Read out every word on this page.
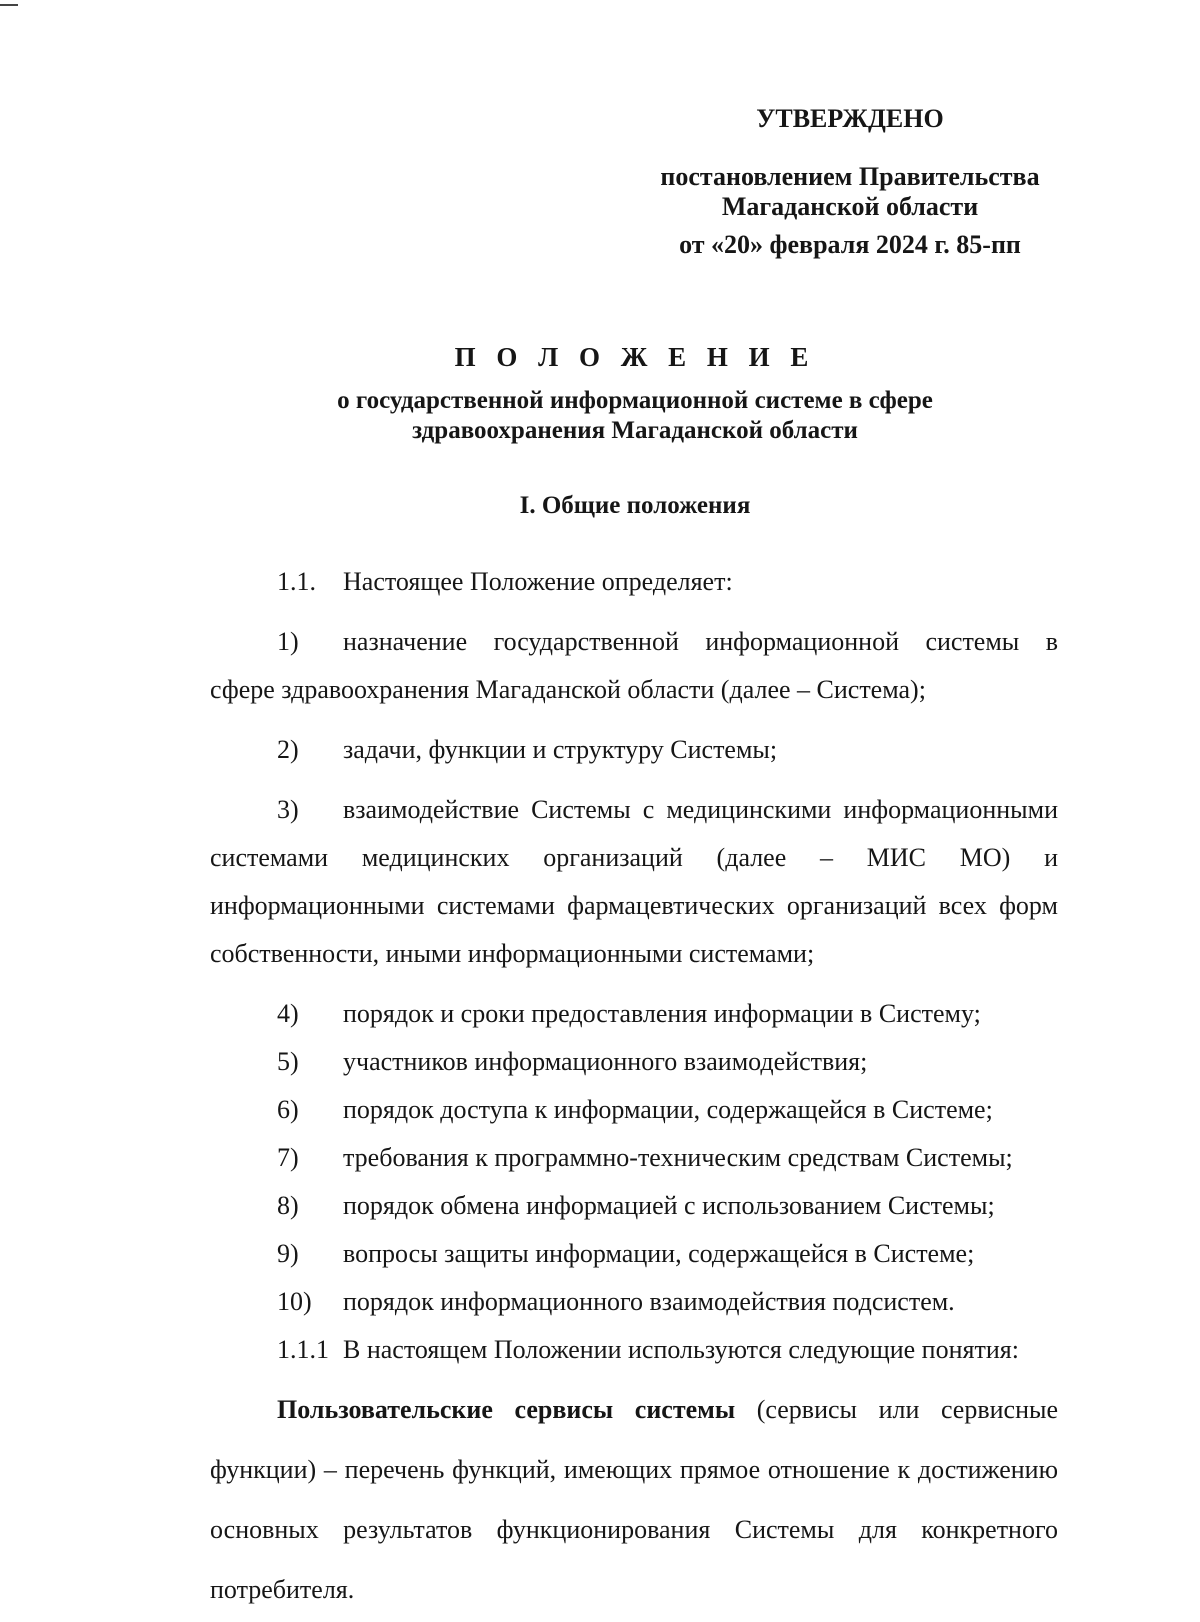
УТВЕРЖДЕНО
постановлением Правительства
Магаданской области
от «20» февраля 2024 г. 85-пп
П О Л О Ж Е Н И Е
о государственной информационной системе в сфере
здравоохранения Магаданской области
I. Общие положения
1.1. Настоящее Положение определяет:
1) назначение государственной информационной системы в
сфере здравоохранения Магаданской области (далее – Система);
2) задачи, функции и структуру Системы;
3) взаимодействие Системы с медицинскими информационными
системами медицинских организаций (далее – МИС МО) и
информационными системами фармацевтических организаций всех форм
собственности, иными информационными системами;
4) порядок и сроки предоставления информации в Систему;
5) участников информационного взаимодействия;
6) порядок доступа к информации, содержащейся в Системе;
7) требования к программно-техническим средствам Системы;
8) порядок обмена информацией с использованием Системы;
9) вопросы защиты информации, содержащейся в Системе;
10) порядок информационного взаимодействия подсистем.
1.1.1 В настоящем Положении используются следующие понятия:
Пользовательские сервисы системы (сервисы или сервисные
функции) – перечень функций, имеющих прямое отношение к достижению
основных результатов функционирования Системы для конкретного
потребителя.
